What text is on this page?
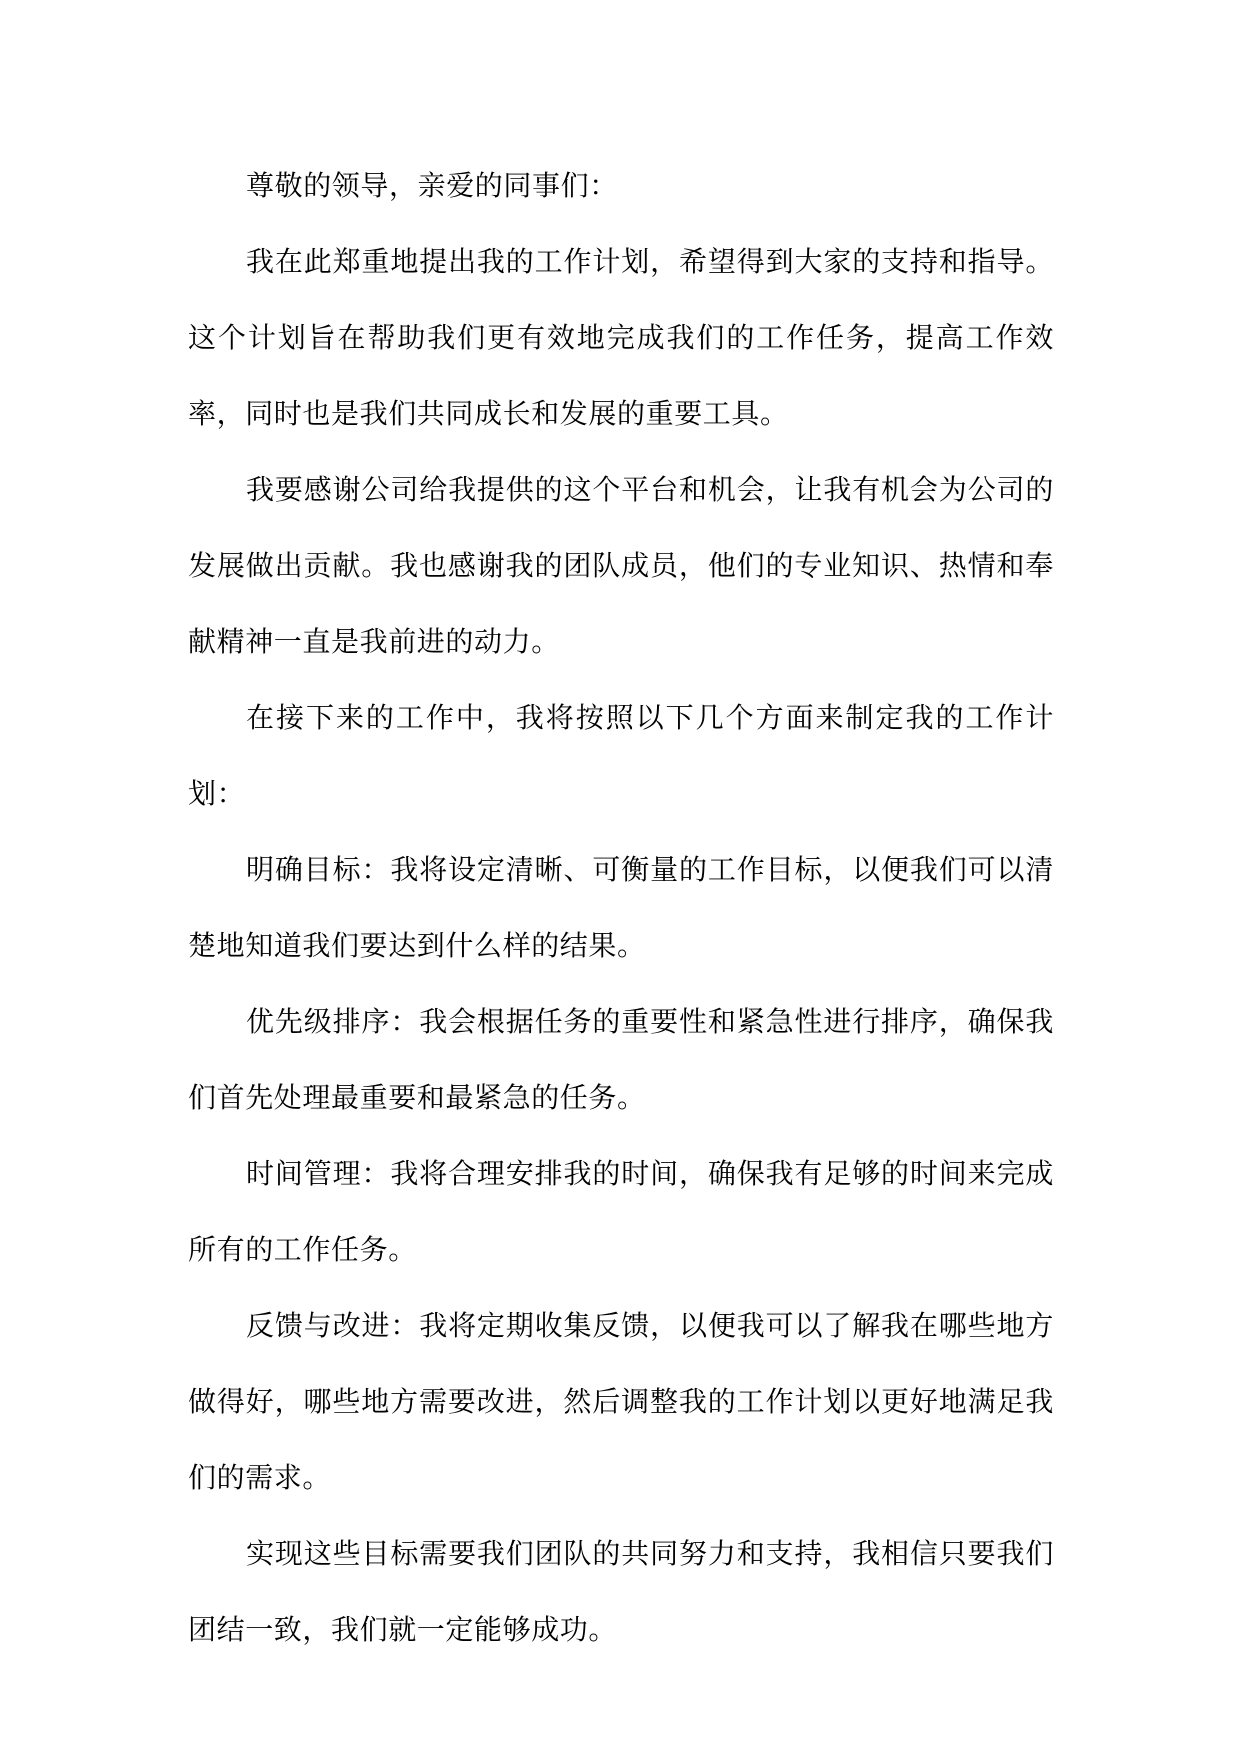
尊敬的领导，亲爱的同事们：

我在此郑重地提出我的工作计划，希望得到大家的支持和指导。这个计划旨在帮助我们更有效地完成我们的工作任务，提高工作效率，同时也是我们共同成长和发展的重要工具。

我要感谢公司给我提供的这个平台和机会，让我有机会为公司的发展做出贡献。我也感谢我的团队成员，他们的专业知识、热情和奉献精神一直是我前进的动力。

在接下来的工作中，我将按照以下几个方面来制定我的工作计划：

明确目标：我将设定清晰、可衡量的工作目标，以便我们可以清楚地知道我们要达到什么样的结果。

优先级排序：我会根据任务的重要性和紧急性进行排序，确保我们首先处理最重要和最紧急的任务。

时间管理：我将合理安排我的时间，确保我有足够的时间来完成所有的工作任务。

反馈与改进：我将定期收集反馈，以便我可以了解我在哪些地方做得好，哪些地方需要改进，然后调整我的工作计划以更好地满足我们的需求。

实现这些目标需要我们团队的共同努力和支持，我相信只要我们团结一致，我们就一定能够成功。
